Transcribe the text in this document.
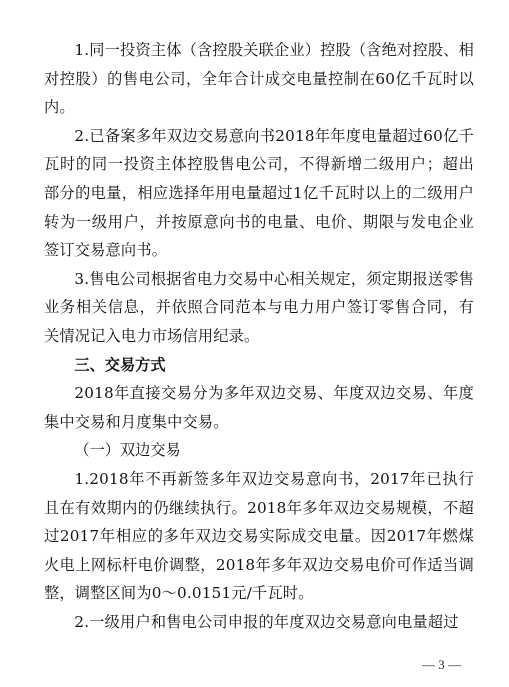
1.同一投资主体（含控股关联企业）控股（含绝对控股、相对控股）的售电公司，全年合计成交电量控制在60亿千瓦时以内。

2.已备案多年双边交易意向书2018年年度电量超过60亿千瓦时的同一投资主体控股售电公司，不得新增二级用户；超出部分的电量，相应选择年用电量超过1亿千瓦时以上的二级用户转为一级用户，并按原意向书的电量、电价、期限与发电企业签订交易意向书。

3.售电公司根据省电力交易中心相关规定，须定期报送零售业务相关信息，并依照合同范本与电力用户签订零售合同，有关情况记入电力市场信用纪录。

三、交易方式

2018年直接交易分为多年双边交易、年度双边交易、年度集中交易和月度集中交易。

（一）双边交易

1.2018年不再新签多年双边交易意向书，2017年已执行且在有效期内的仍继续执行。2018年多年双边交易规模，不超过2017年相应的多年双边交易实际成交电量。因2017年燃煤火电上网标杆电价调整，2018年多年双边交易电价可作适当调整，调整区间为0～0.0151元/千瓦时。

2.一级用户和售电公司申报的年度双边交易意向电量超过

— 3 —
